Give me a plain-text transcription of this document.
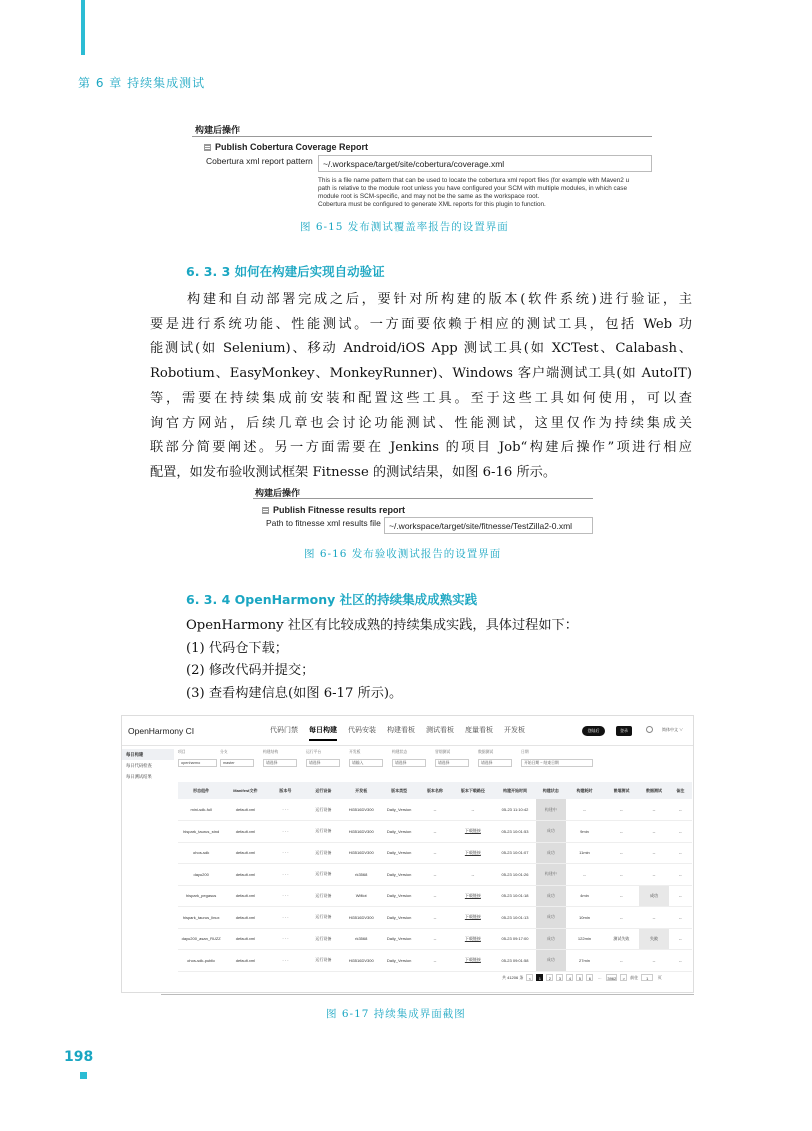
第 6 章 持续集成测试
构建后操作
Publish Cobertura Coverage Report
Cobertura xml report pattern	~/.workspace/target/site/cobertura/coverage.xml
This is a file name pattern that can be used to locate the cobertura xml report files (for example with Maven2 u
path is relative to the module root unless you have configured your SCM with multiple modules, in which case
module root is SCM-specific, and may not be the same as the workspace root.
Cobertura must be configured to generate XML reports for this plugin to function.
图 6-15 发布测试覆盖率报告的设置界面
6. 3. 3 如何在构建后实现自动验证
构建和自动部署完成之后，要针对所构建的版本(软件系统)进行验证，主
要是进行系统功能、性能测试。一方面要依赖于相应的测试工具，包括 Web 功
能测试(如 Selenium)、移动 Android/iOS App 测试工具(如 XCTest、Calabash、
Robotium、EasyMonkey、MonkeyRunner)、Windows 客户端测试工具(如 AutoIT)
等，需要在持续集成前安装和配置这些工具。至于这些工具如何使用，可以查
询官方网站，后续几章也会讨论功能测试、性能测试，这里仅作为持续集成关
联部分简要阐述。另一方面需要在 Jenkins 的项目 Job“构建后操作”项进行相应
配置，如发布验收测试框架 Fitnesse 的测试结果，如图 6-16 所示。
构建后操作
Publish Fitnesse results report
Path to fitnesse xml results file ~/.workspace/target/site/fitnesse/TestZilla2-0.xml
图 6-16 发布验收测试报告的设置界面
6. 3. 4 OpenHarmony 社区的持续集成成熟实践
OpenHarmony 社区有比较成熟的持续集成实践，具体过程如下：
(1) 代码仓下载；
(2) 修改代码并提交；
(3) 查看构建信息(如图 6-17 所示)。
OpenHarmony CI	代码门禁 每日构建 代码安装 构建看板 测试看板 度量看板 开发板	登陆后	登录	简体中文 ∨
每日构建
每日代码检查
每日测试结果
项目
openharmo
分支
master
构建结构
请选择
运行平台
请选择
开发板
请输入
构建状态
请选择
冒烟测试
请选择
数据测试
请选择
日期
开始日期 ~ 结束日期
形态组件	Manifest文件	版本号	运行设备	开发板	版本类型	版本名称	版本下载路径	构建开始时间	构建状态	构建耗时	冒烟测试	数据测试	备注
mini-sdk-full	default.xml	· · ·	运行设备	Hi3516DV300	Daily_Version	--	--	05-23 11:10:42	构建中	--	--	--	--
hispark_taurus_stnd	default.xml	· · ·	运行设备	Hi3516DV300	Daily_Version	--	下载链接	05-23 10:01:53	成功	9min	--	--	--
ohos-sdk	default.xml	· · ·	运行设备	Hi3516DV300	Daily_Version	--	下载链接	05-23 10:01:07	成功	11min	--	--	--
dayu200	default.xml	· · ·	运行设备	rk3568	Daily_Version	--	--	05-23 10:01:26	构建中	--	--	--	--
hispark_pegasus	default.xml	· · ·	运行设备	Wifiiot	Daily_Version	--	下载链接	05-23 10:01:18	成功	4min	--	成功	--
hispark_taurus_linux	default.xml	· · ·	运行设备	Hi3516DV300	Daily_Version	--	下载链接	05-23 10:01:13	成功	10min	--	--	--
dayu200_asan_RUZZ	default.xml	· · ·	运行设备	rk3568	Daily_Version	--	下载链接	05-23 09:17:00	成功	122min	测试失败	失败	--
ohos-sdk-public	default.xml	· · ·	运行设备	Hi3516DV300	Daily_Version	--	下载链接	05-23 09:01:58	成功	27min	--	--	--
共 41206 条	<	1	2	3	4	5	6	...	3962	>	前往	1	页
图 6-17 持续集成界面截图
198
